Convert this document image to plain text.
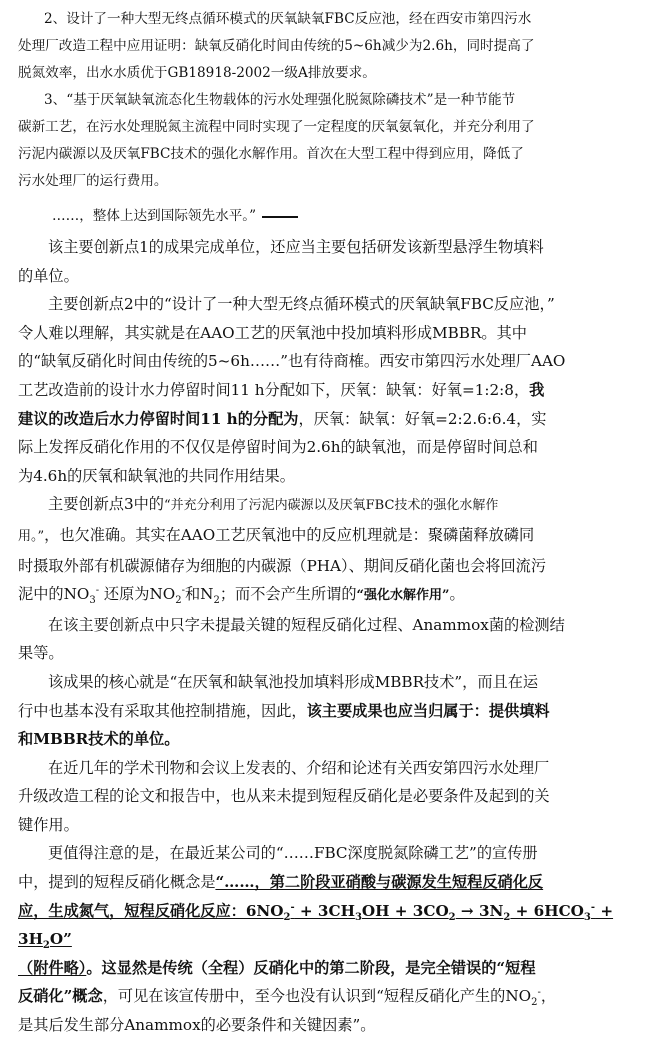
2、设计了一种大型无终点循环模式的厌氧缺氧FBC反应池，经在西安市第四污水
处理厂改造工程中应用证明：缺氧反硝化时间由传统的5~6h减少为2.6h，同时提高了
脱氮效率，出水水质优于GB18918-2002一级A排放要求。

3、“基于厌氧缺氧流态化生物载体的污水处理强化脱氮除磷技术”是一种节能节
碳新工艺，在污水处理脱氮主流程中同时实现了一定程度的厌氧氨氧化，并充分利用了
污泥内碳源以及厌氧FBC技术的强化水解作用。首次在大型工程中得到应用，降低了
污水处理厂的运行费用。

……，整体上达到国际领先水平。”

该主要创新点1的成果完成单位，还应当主要包括研发该新型悬浮生物填料
的单位。

主要创新点2中的“设计了一种大型无终点循环模式的厌氧缺氧FBC反应池，”
令人难以理解，其实就是在AAO工艺的厌氧池中投加填料形成MBBR。其中
的“缺氧反硝化时间由传统的5~6h……”也有待商榷。西安市第四污水处理厂AAO
工艺改造前的设计水力停留时间11 h分配如下，厌氧：缺氧：好氧=1:2:8，我
建议的改造后水力停留时间11 h的分配为，厌氧：缺氧：好氧=2:2.6:6.4，实
际上发挥反硝化作用的不仅仅是停留时间为2.6h的缺氧池，而是停留时间总和
为4.6h的厌氧和缺氧池的共同作用结果。

主要创新点3中的“并充分利用了污泥内碳源以及厌氧FBC技术的强化水解作
用。”，也欠准确。其实在AAO工艺厌氧池中的反应机理就是：聚磷菌释放磷同
时摄取外部有机碳源储存为细胞的内碳源（PHA）、期间反硝化菌也会将回流污
泥中的$NO_3^-$ 还原为$NO_2^-$和$N_2$；而不会产生所谓的“强化水解作用”。

在该主要创新点中只字未提最关键的短程反硝化过程、Anammox菌的检测结
果等。

该成果的核心就是“在厌氧和缺氧池投加填料形成MBBR技术”，而且在运
行中也基本没有采取其他控制措施，因此，该主要成果也应当归属于：提供填料
和MBBR技术的单位。

在近几年的学术刊物和会议上发表的、介绍和论述有关西安第四污水处理厂
升级改造工程的论文和报告中，也从来未提到短程反硝化是必要条件及起到的关
键作用。

更值得注意的是，在最近某公司的“……FBC深度脱氮除磷工艺”的宣传册
中，提到的短程反硝化概念是“……，第二阶段亚硝酸与碳源发生短程反硝化反
应，生成氮气，短程反硝化反应：$6NO_2^- + 3CH_3OH + 3CO_2 \to 3N_2 + 6HCO_3^- + 3H_2O$”
（附件略）。这显然是传统（全程）反硝化中的第二阶段，是完全错误的“短程
反硝化”概念，可见在该宣传册中，至今也没有认识到“短程反硝化产生的$NO_2^-$，
是其后发生部分Anammox的必要条件和关键因素”。
